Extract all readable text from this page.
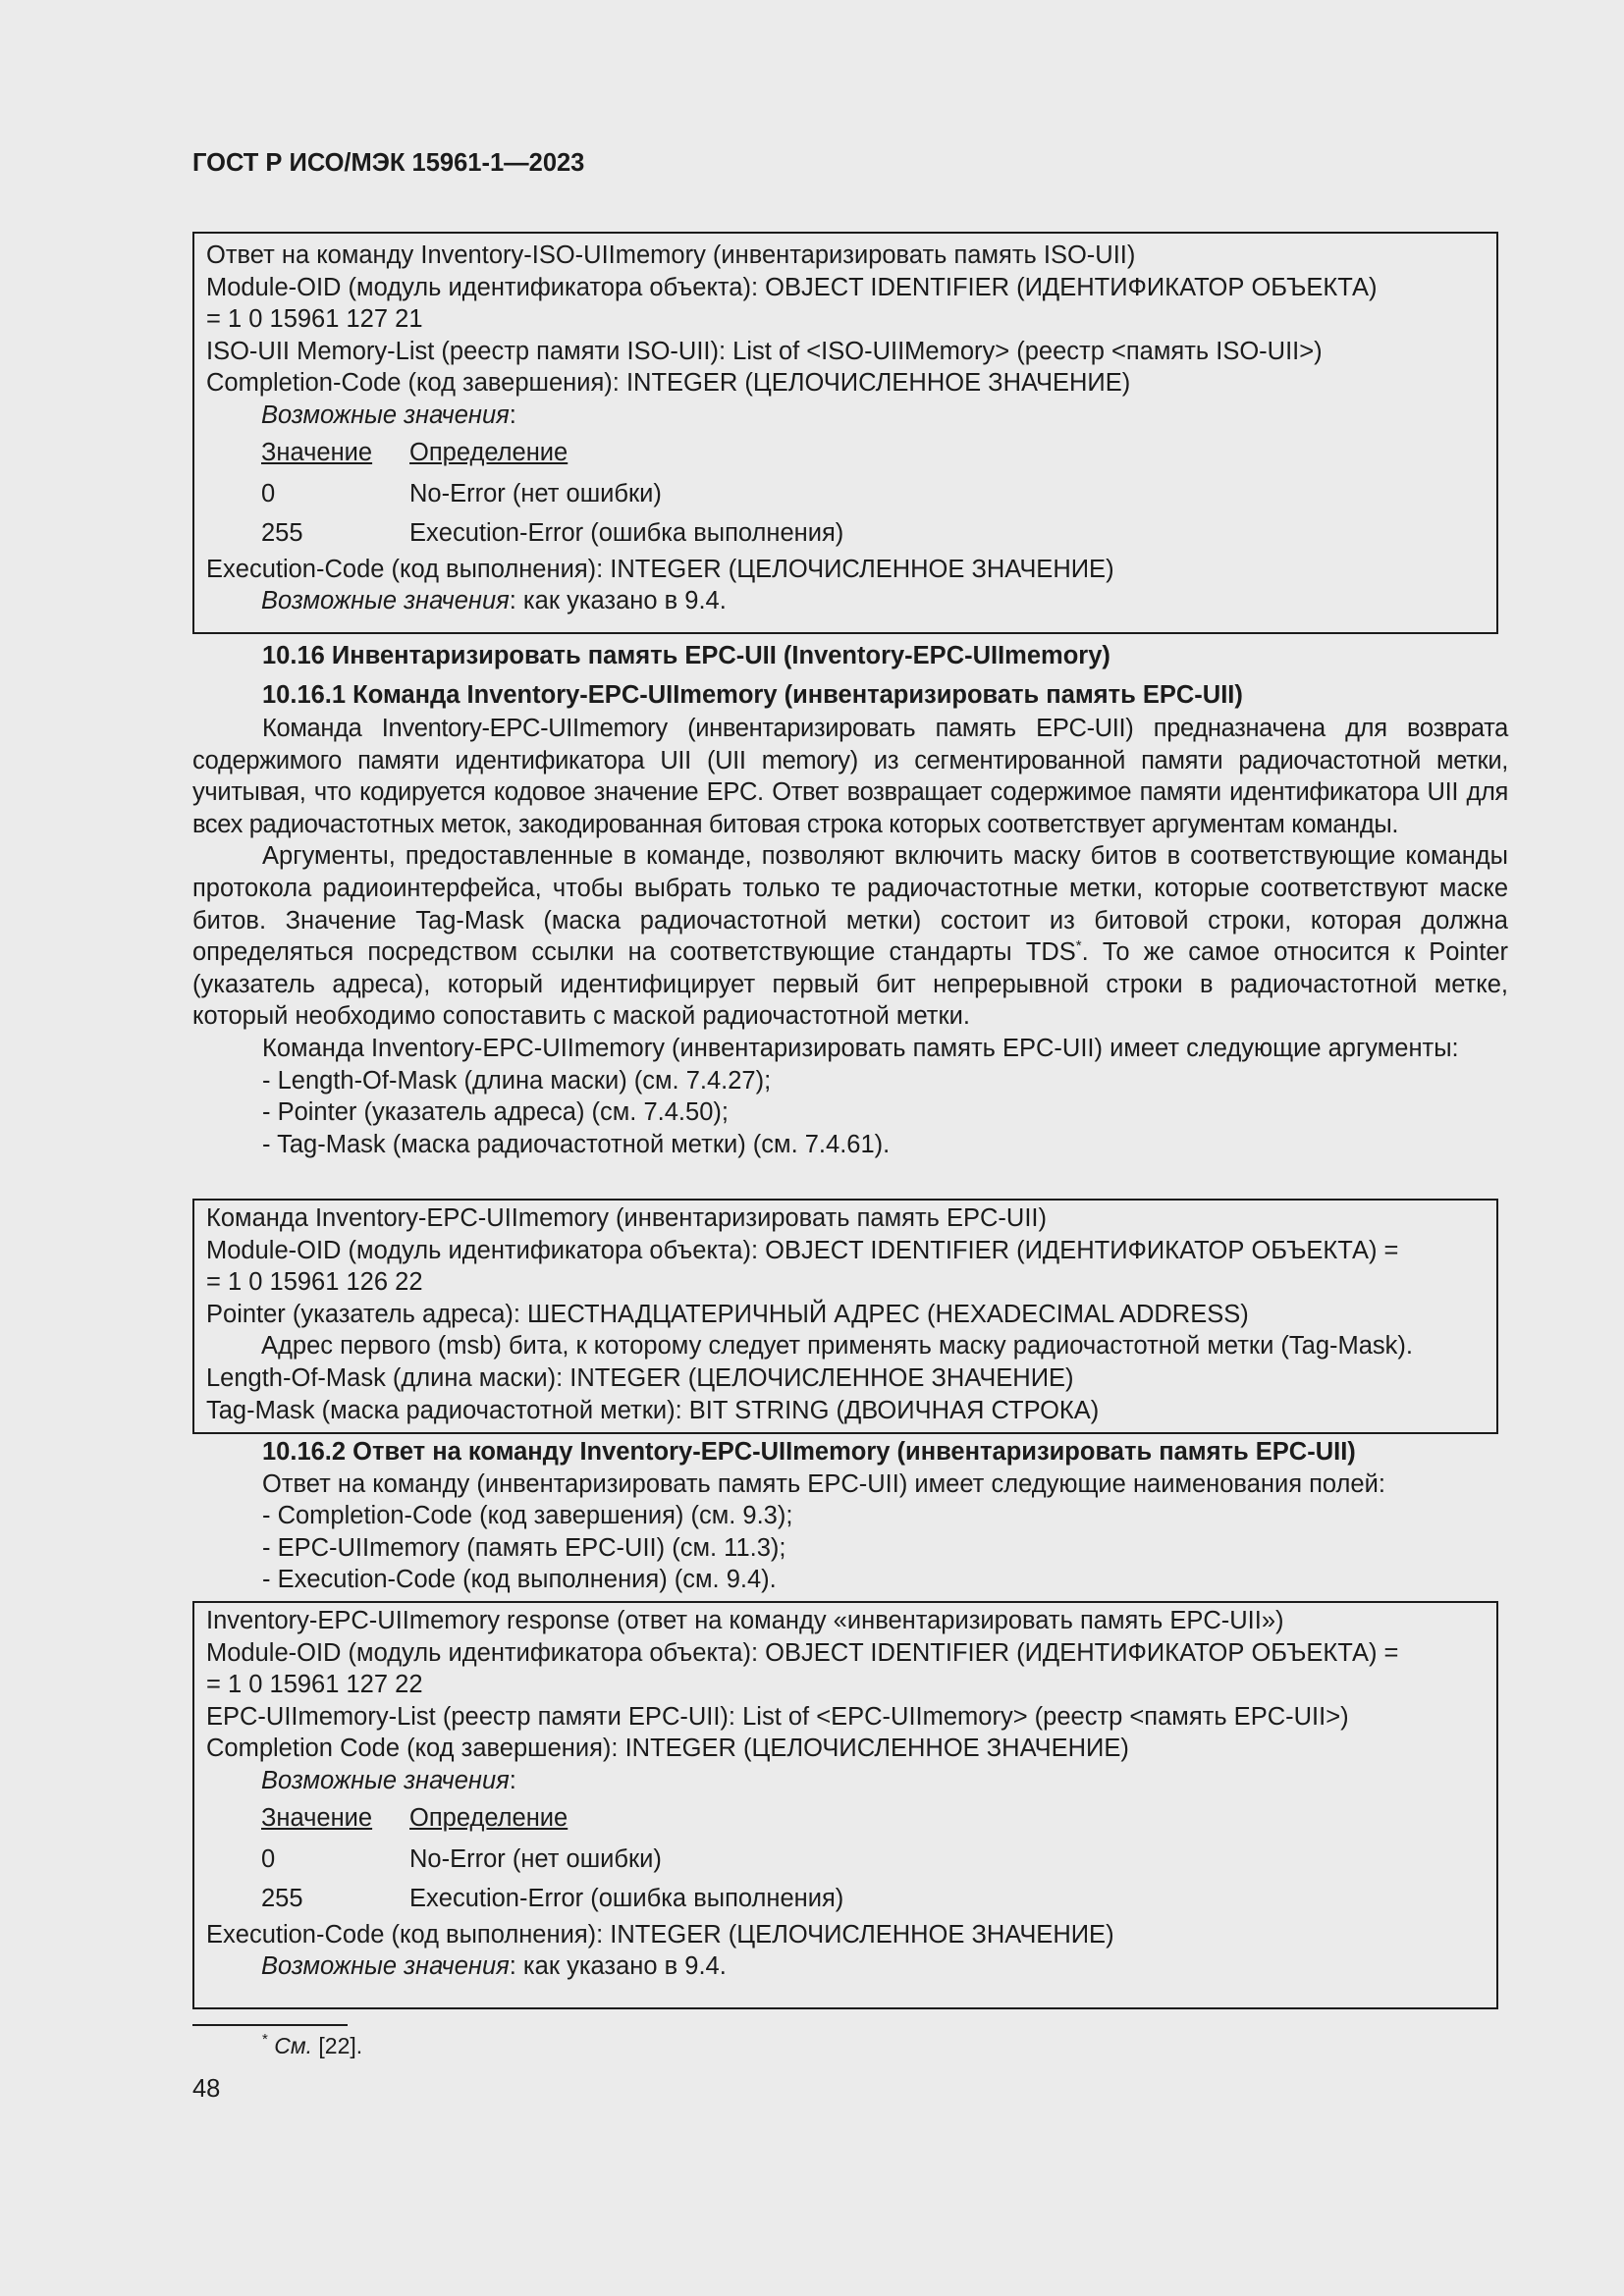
ГОСТ Р ИСО/МЭК 15961-1—2023

Ответ на команду Inventory-ISO-UIImemory (инвентаризировать память ISO-UII)

Module-OID (модуль идентификатора объекта): OBJECT IDENTIFIER (ИДЕНТИФИКАТОР ОБЪЕКТА)

= 1 0 15961 127 21

ISO-UII Memory-List (реестр памяти ISO-UII): List of <ISO-UIIMemory> (реестр <память ISO-UII>)

Completion-Code (код завершения): INTEGER (ЦЕЛОЧИСЛЕННОЕ ЗНАЧЕНИЕ)

Возможные значения:

Значение	Определение
0	No-Error (нет ошибки)
255	Execution-Error (ошибка выполнения)

Execution-Code (код выполнения): INTEGER (ЦЕЛОЧИСЛЕННОЕ ЗНАЧЕНИЕ)

Возможные значения: как указано в 9.4.

10.16 Инвентаризировать память EPC-UII (Inventory-EPC-UIImemory)

10.16.1 Команда Inventory-EPC-UIImemory (инвентаризировать память EPC-UII)

Команда Inventory-EPC-UIImemory (инвентаризировать память EPC-UII) предназначена для возврата содержимого памяти идентификатора UII (UII memory) из сегментированной памяти радиочастотной метки, учитывая, что кодируется кодовое значение EPC. Ответ возвращает содержимое памяти идентификатора UII для всех радиочастотных меток, закодированная битовая строка которых соответствует аргументам команды.

Аргументы, предоставленные в команде, позволяют включить маску битов в соответствующие команды протокола радиоинтерфейса, чтобы выбрать только те радиочастотные метки, которые соответствуют маске битов. Значение Tag-Mask (маска радиочастотной метки) состоит из битовой строки, которая должна определяться посредством ссылки на соответствующие стандарты TDS*. То же самое относится к Pointer (указатель адреса), который идентифицирует первый бит непрерывной строки в радиочастотной метке, который необходимо сопоставить с маской радиочастотной метки.

Команда Inventory-EPC-UIImemory (инвентаризировать память EPC-UII) имеет следующие аргументы:

- Length-Of-Mask (длина маски) (см. 7.4.27);

- Pointer (указатель адреса) (см. 7.4.50);

- Tag-Mask (маска радиочастотной метки) (см. 7.4.61).

Команда Inventory-EPC-UIImemory (инвентаризировать память EPC-UII)

Module-OID (модуль идентификатора объекта): OBJECT IDENTIFIER (ИДЕНТИФИКАТОР ОБЪЕКТА) =

= 1 0 15961 126 22

Pointer (указатель адреса): ШЕСТНАДЦАТЕРИЧНЫЙ АДРЕС (HEXADECIMAL ADDRESS)

Адрес первого (msb) бита, к которому следует применять маску радиочастотной метки (Tag-Mask).

Length-Of-Mask (длина маски): INTEGER (ЦЕЛОЧИСЛЕННОЕ ЗНАЧЕНИЕ)

Tag-Mask (маска радиочастотной метки): BIT STRING (ДВОИЧНАЯ СТРОКА)

10.16.2 Ответ на команду Inventory-EPC-UIImemory (инвентаризировать память EPC-UII)

Ответ на команду (инвентаризировать память EPC-UII) имеет следующие наименования полей:

- Completion-Code (код завершения) (см. 9.3);

- EPC-UIImemory (память EPC-UII) (см. 11.3);

- Execution-Code (код выполнения) (см. 9.4).

Inventory-EPC-UIImemory response (ответ на команду «инвентаризировать память EPC-UII»)

Module-OID (модуль идентификатора объекта): OBJECT IDENTIFIER (ИДЕНТИФИКАТОР ОБЪЕКТА) =

= 1 0 15961 127 22

EPC-UIImemory-List (реестр памяти EPC-UII): List of <EPC-UIImemory> (реестр <память EPC-UII>)

Completion Code (код завершения): INTEGER (ЦЕЛОЧИСЛЕННОЕ ЗНАЧЕНИЕ)

Возможные значения:

Значение	Определение
0	No-Error (нет ошибки)
255	Execution-Error (ошибка выполнения)

Execution-Code (код выполнения): INTEGER (ЦЕЛОЧИСЛЕННОЕ ЗНАЧЕНИЕ)

Возможные значения: как указано в 9.4.

* См. [22].
48
